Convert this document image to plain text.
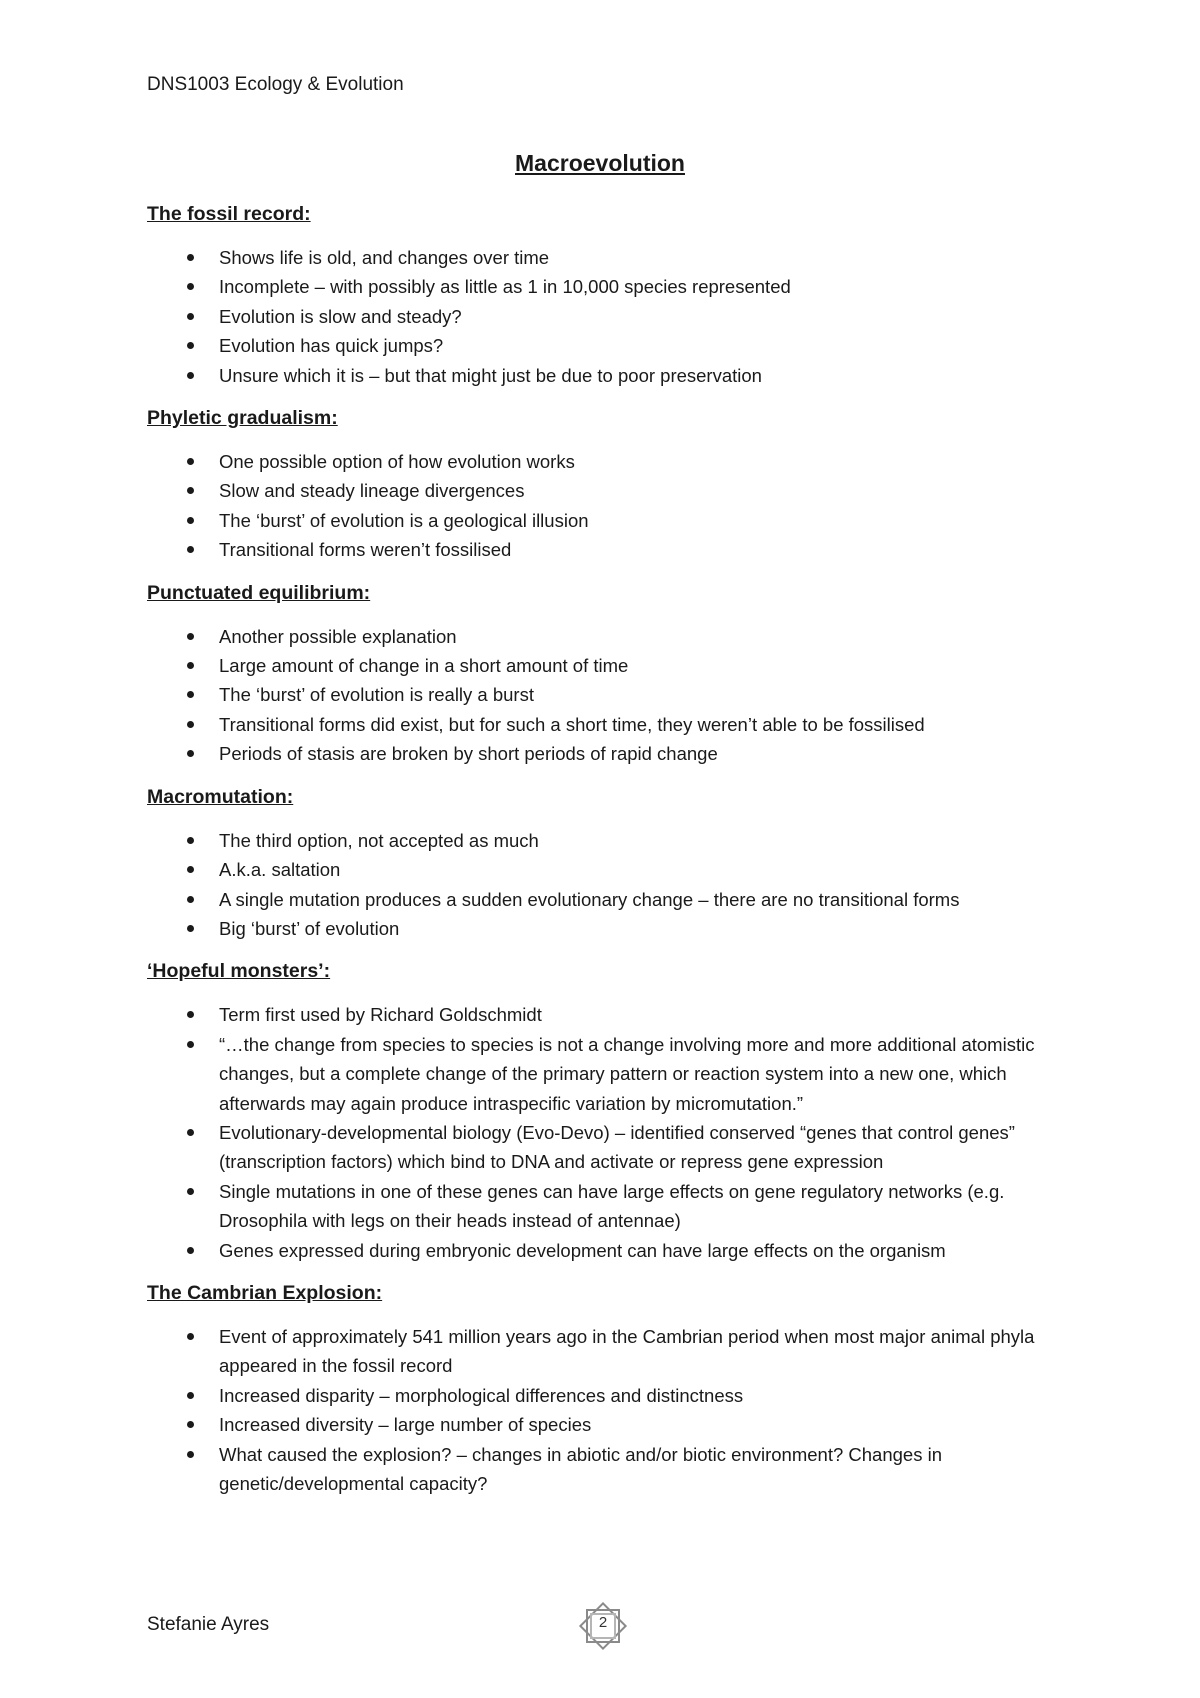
DNS1003 Ecology & Evolution
Macroevolution
The fossil record:
Shows life is old, and changes over time
Incomplete – with possibly as little as 1 in 10,000 species represented
Evolution is slow and steady?
Evolution has quick jumps?
Unsure which it is – but that might just be due to poor preservation
Phyletic gradualism:
One possible option of how evolution works
Slow and steady lineage divergences
The ‘burst’ of evolution is a geological illusion
Transitional forms weren’t fossilised
Punctuated equilibrium:
Another possible explanation
Large amount of change in a short amount of time
The ‘burst’ of evolution is really a burst
Transitional forms did exist, but for such a short time, they weren’t able to be fossilised
Periods of stasis are broken by short periods of rapid change
Macromutation:
The third option, not accepted as much
A.k.a. saltation
A single mutation produces a sudden evolutionary change – there are no transitional forms
Big ‘burst’ of evolution
‘Hopeful monsters’:
Term first used by Richard Goldschmidt
“…the change from species to species is not a change involving more and more additional atomistic changes, but a complete change of the primary pattern or reaction system into a new one, which afterwards may again produce intraspecific variation by micromutation.”
Evolutionary-developmental biology (Evo-Devo) – identified conserved “genes that control genes” (transcription factors) which bind to DNA and activate or repress gene expression
Single mutations in one of these genes can have large effects on gene regulatory networks (e.g. Drosophila with legs on their heads instead of antennae)
Genes expressed during embryonic development can have large effects on the organism
The Cambrian Explosion:
Event of approximately 541 million years ago in the Cambrian period when most major animal phyla appeared in the fossil record
Increased disparity – morphological differences and distinctness
Increased diversity – large number of species
What caused the explosion? – changes in abiotic and/or biotic environment? Changes in genetic/developmental capacity?
Stefanie Ayres	2
